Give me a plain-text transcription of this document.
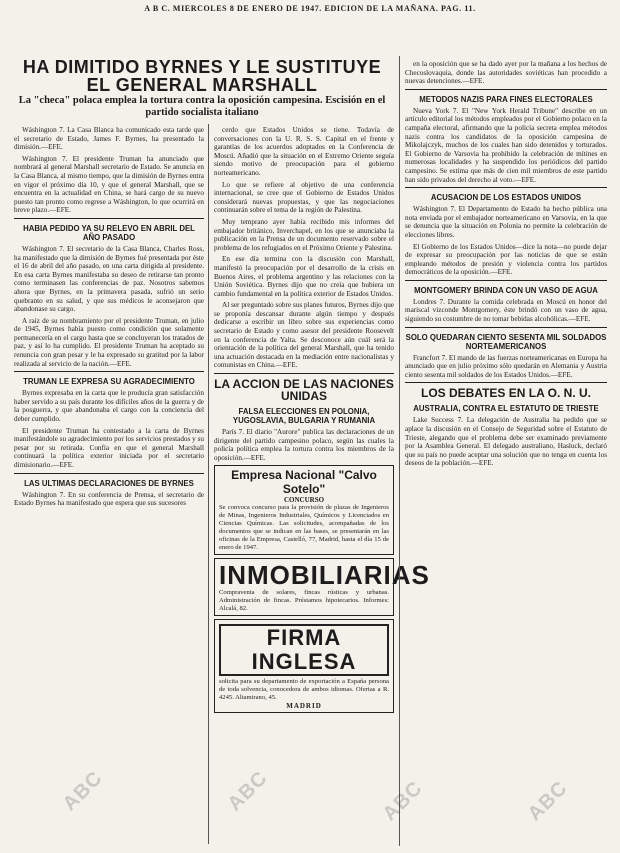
A B C. MIERCOLES 8 DE ENERO DE 1947. EDICION DE LA MAÑANA. PAG. 11.
HA DIMITIDO BYRNES Y LE SUSTITUYE EL GENERAL MARSHALL
La "checa" polaca emplea la tortura contra la oposición campesina. Escisión en el partido socialista italiano

Wáshington 7. La Casa Blanca ha comunicado esta tarde que el secretario de Estado, James F. Byrnes, ha presentado la dimisión.—EFE.

Wáshington 7. El presidente Truman ha anunciado que nombrará al general Marshall secretario de Estado. Se anuncia en la Casa Blanca, al mismo tiempo, que la dimisión de Byrnes entra en vigor el próximo día 10, y que el general Marshall, que se encuentra en la actualidad en China, se hará cargo de su nuevo puesto tan pronto como regrese a Wáshington, lo que ocurrirá en breve plazo.—EFE.

HABIA PEDIDO YA SU RELEVO EN ABRIL DEL AÑO PASADO

Wáshington 7. El secretario de la Casa Blanca, Charles Ross, ha manifestado que la dimisión de Byrnes fué presentada por éste el 16 de abril del año pasado, en una carta dirigida al presidente. En esa carta Byrnes manifestaba su deseo de retirarse tan pronto como terminasen las conferencias de paz. Nosotros sabemos ahora que Byrnes, en la primavera pasada, sufrió un serio quebranto en su salud, y que sus médicos le aconsejaron que abandonase su cargo.

A raíz de su nombramiento por el presidente Truman, en julio de 1945, Byrnes había puesto como condición que solamente permanecería en el cargo hasta que se concluyeran los tratados de paz, y así lo ha cumplido. El presidente Truman ha aceptado su renuncia con gran pesar y le ha expresado su gratitud por la labor realizada al servicio de la nación.—EFE.

TRUMAN LE EXPRESA SU AGRADECIMIENTO

Byrnes expresaba en la carta que le producía gran satisfacción haber servido a su país durante los difíciles años de la guerra y de la posguerra, y que abandonaba el cargo con la conciencia del deber cumplido.

El presidente Truman ha contestado a la carta de Byrnes manifestándole su agradecimiento por los servicios prestados y su pesar por su retirada. Confía en que el general Marshall continuará la política exterior iniciada por el secretario dimisionario.—EFE.

LAS ULTIMAS DECLARACIONES DE BYRNES

Wáshington 7. En su conferencia de Prensa, el secretario de Estado Byrnes ha manifestado que espera que sus sucesores

cerdo que Estados Unidos se tiene. Todavía de conversaciones con la U. R. S. S. Capital en el frente y garantías de los acuerdos adoptados en la Conferencia de Moscú. Añadió que la situación en el Extremo Oriente seguía siendo motivo de preocupación para el gobierno norteamericano.

Lo que se refiere al objetivo de una conferencia internacional, se cree que el Gobierno de Estados Unidos considerará nuevas propuestas, y que las negociaciones continuarán sobre el tema de la región de Palestina.

Muy temprano ayer había recibido mis informes del embajador británico, Inverchapel, en los que se anunciaba la publicación en la Prensa de un documento reservado sobre el problema de los refugiados en el Próximo Oriente y Palestina.

En ese día termina con la discusión con Marshall, manifestó la preocupación por el desarrollo de la crisis en Buenos Aires, el problema argentino y las relaciones con la Unión Soviética. Byrnes dijo que no creía que hubiera un cambio fundamental en la política exterior de Estados Unidos.

Al ser preguntado sobre sus planes futuros, Byrnes dijo que se proponía descansar durante algún tiempo y después dedicarse a escribir un libro sobre sus experiencias como secretario de Estado y como asesor del presidente Roosevelt en la conferencia de Yalta. Se desconoce aún cuál será la orientación de la política del general Marshall, que ha tenido una actuación destacada en la mediación entre nacionalistas y comunistas en China.—EFE.

LA ACCION DE LAS NACIONES UNIDAS
FALSA ELECCIONES EN POLONIA, YUGOSLAVIA, BULGARIA Y RUMANIA

París 7. El diario "Aurore" publica las declaraciones de un dirigente del partido campesino polaco, según las cuales la policía política emplea la tortura contra los miembros de la oposición.—EFE.

Empresa Nacional "Calvo Sotelo"
CONCURSO
Se convoca concurso para la provisión de plazas de Ingenieros de Minas, Ingenieros Industriales, Químicos y Licenciados en Ciencias Químicas. Las solicitudes, acompañadas de los documentos que se indican en las bases, se presentarán en las oficinas de la Empresa, Castelló, 77, Madrid, hasta el día 15 de enero de 1947.
INMOBILIARIAS
Compraventa de solares, fincas rústicas y urbanas. Administración de fincas. Préstamos hipotecarios. Informes: Alcalá, 82.
FIRMA INGLESA
solicita para su departamento de exportación a España persona de toda solvencia, conocedora de ambos idiomas. Ofertas a R. 4245. Altamirano, 45.
MADRID

en la oposición que se ha dado ayer por la mañana a los hechos de Checoslovaquia, donde las autoridades soviéticas han procedido a nuevas detenciones.—EFE.

METODOS NAZIS PARA FINES ELECTORALES

Nueva York 7. El "New York Herald Tribune" describe en un artículo editorial los métodos empleados por el Gobierno polaco en la campaña electoral, afirmando que la policía secreta emplea métodos nazis contra los candidatos de la oposición campesina de Mikolajczyk, muchos de los cuales han sido detenidos y torturados. El Gobierno de Varsovia ha prohibido la celebración de mítines en numerosas localidades y ha suspendido los periódicos del partido campesino. Se estima que más de cien mil miembros de este partido han sido privados del derecho al voto.—EFE.

ACUSACION DE LOS ESTADOS UNIDOS

Wáshington 7. El Departamento de Estado ha hecho pública una nota enviada por el embajador norteamericano en Varsovia, en la que se denuncia que la situación en Polonia no permite la celebración de elecciones libres.

El Gobierno de los Estados Unidos—dice la nota—no puede dejar de expresar su preocupación por las noticias de que se están empleando métodos de presión y violencia contra los partidos democráticos de la oposición.—EFE.

MONTGOMERY BRINDA CON UN VASO DE AGUA

Londres 7. Durante la comida celebrada en Moscú en honor del mariscal vizconde Montgomery, éste brindó con un vaso de agua, siguiendo su costumbre de no tomar bebidas alcohólicas.—EFE.

SOLO QUEDARAN CIENTO SESENTA MIL SOLDADOS NORTEAMERICANOS

Francfort 7. El mando de las fuerzas norteamericanas en Europa ha anunciado que en julio próximo sólo quedarán en Alemania y Austria ciento sesenta mil soldados de los Estados Unidos.—EFE.

LOS DEBATES EN LA O. N. U.
AUSTRALIA, CONTRA EL ESTATUTO DE TRIESTE

Lake Success 7. La delegación de Australia ha pedido que se aplace la discusión en el Consejo de Seguridad sobre el Estatuto de Trieste, alegando que el problema debe ser examinado previamente por la Asamblea General. El delegado australiano, Hasluck, declaró que su país no puede aceptar una solución que no tenga en cuenta los deseos de la población.—EFE.

ABC	ABC	ABC	ABC
